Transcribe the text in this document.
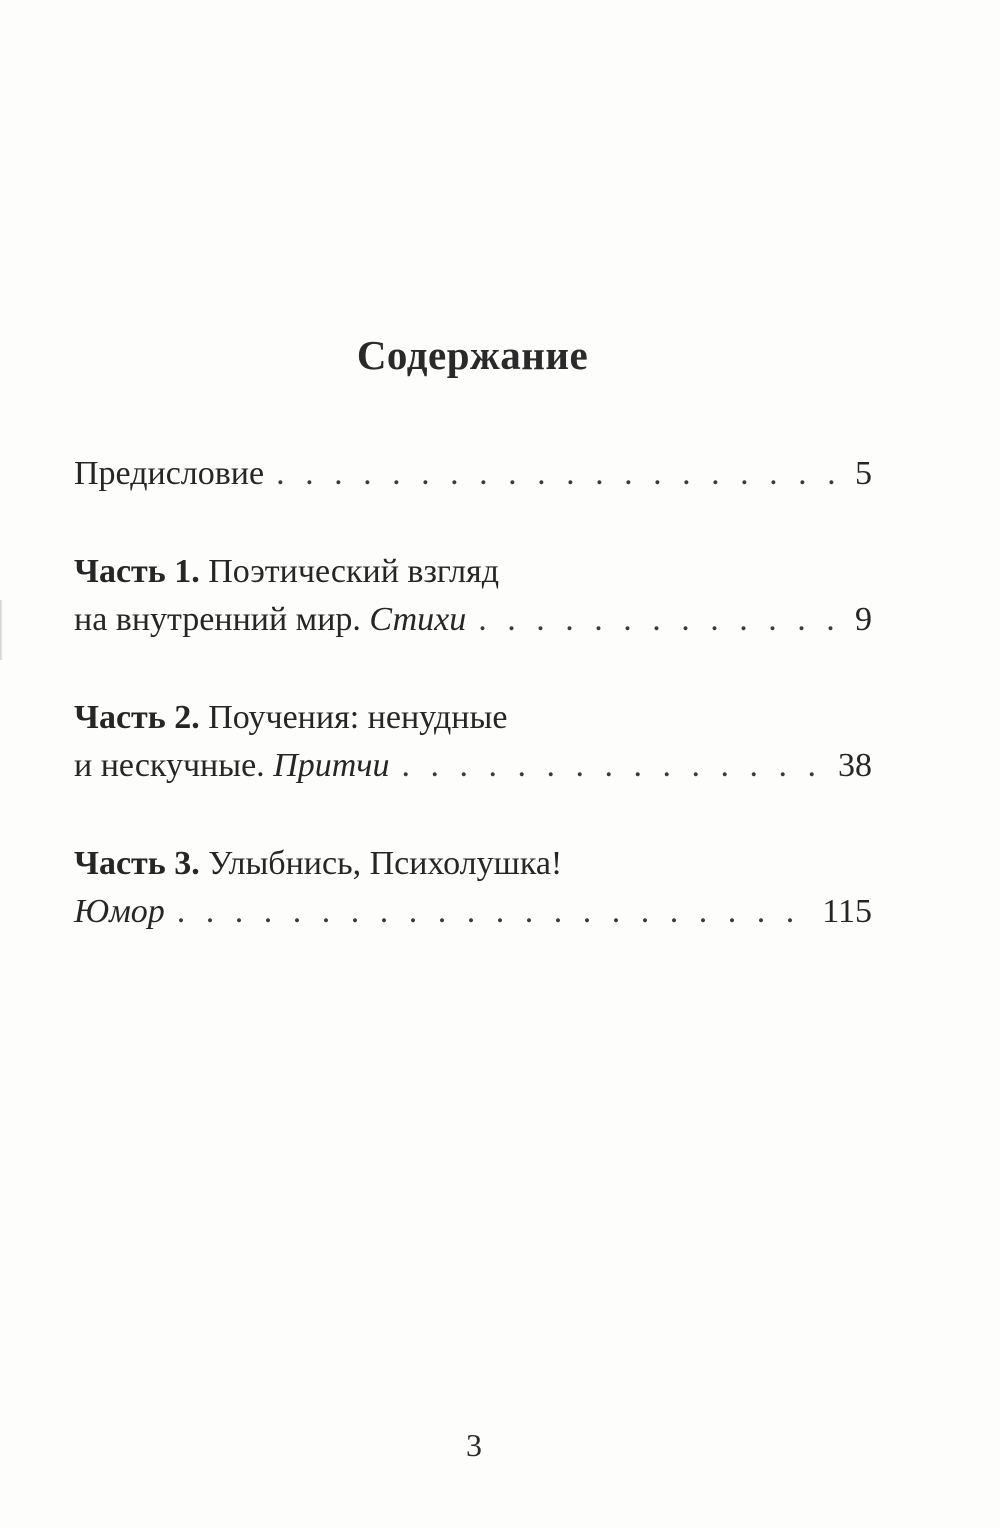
Содержание
Предисловие . . .	5
Часть 1. Поэтический взгляд
на внутренний мир.
Стихи . . .	9
Часть 2. Поучения: ненудные
и нескучные.
Притчи . . .	38
Часть 3. Улыбнись, Психолушка!
Юмор . . .	115
3
